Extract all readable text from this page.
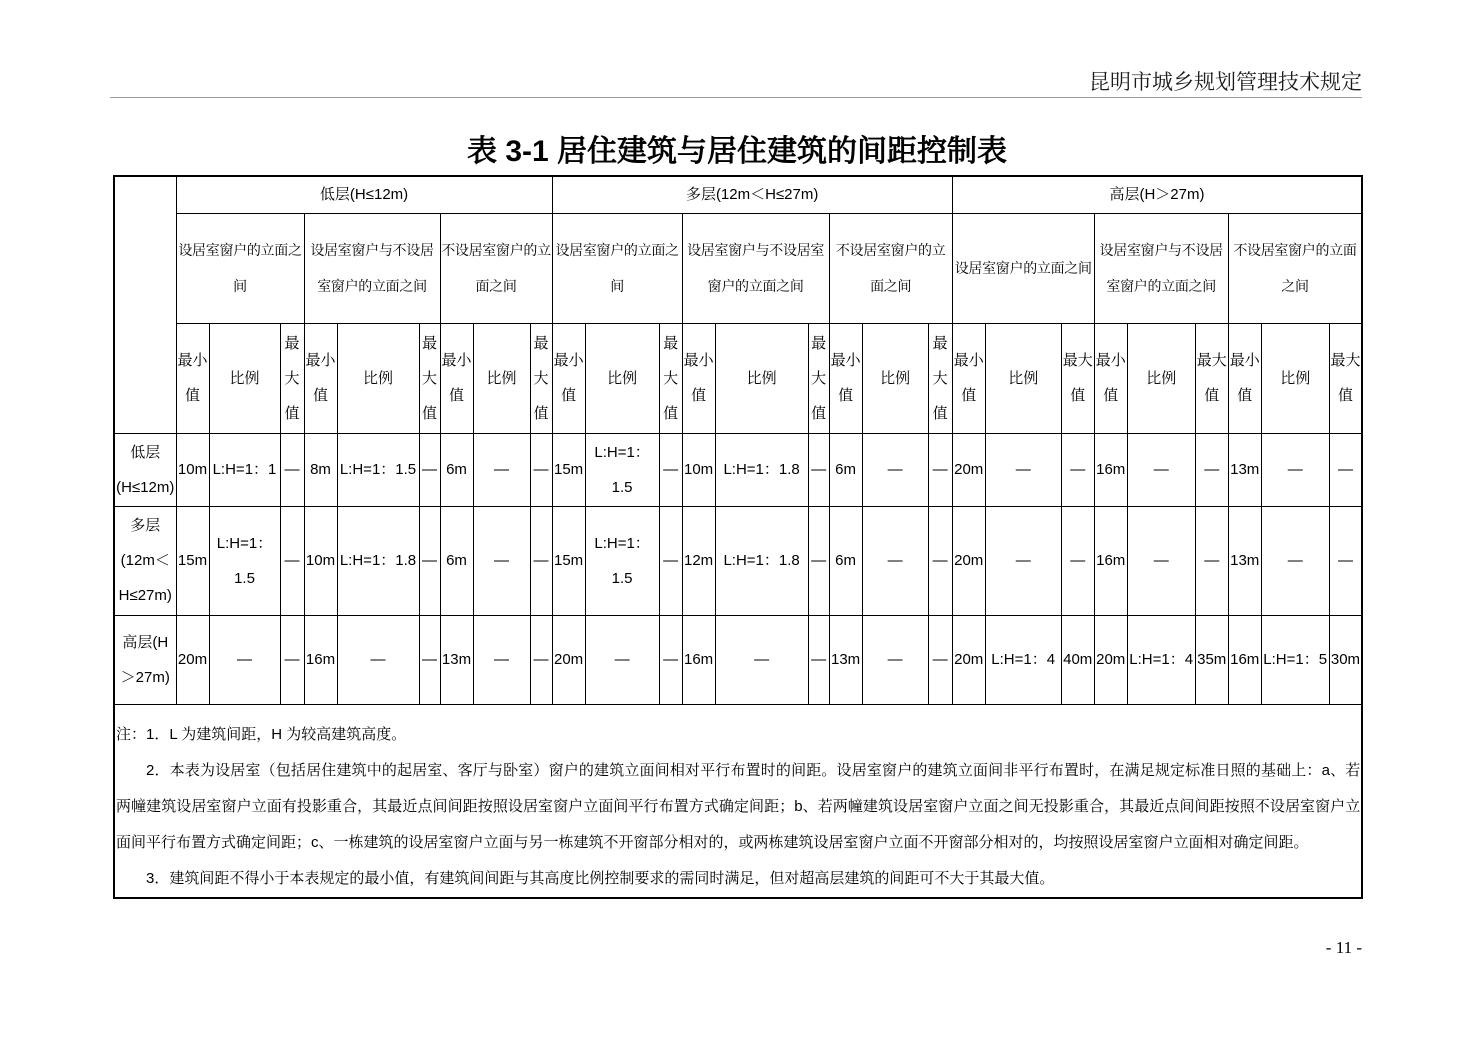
昆明市城乡规划管理技术规定
表 3-1 居住建筑与居住建筑的间距控制表
	低层(H≤12m)									多层(12m＜H≤27m)									高层(H＞27m)								
	设居室窗户的立面之间			设居室窗户与不设居室窗户的立面之间			不设居室窗户的立面之间			设居室窗户的立面之间			设居室窗户与不设居室窗户的立面之间			不设居室窗户的立面之间			设居室窗户的立面之间			设居室窗户与不设居室窗户的立面之间			不设居室窗户的立面之间		
	最小值	比例	最大值	最小值	比例	最大值	最小值	比例	最大值	最小值	比例	最大值	最小值	比例	最大值	最小值	比例	最大值	最小值	比例	最大值	最小值	比例	最大值	最小值	比例	最大值
低层(H≤12m)	10m	L:H=1：1	—	8m	L:H=1：1.5	—	6m	—	—	15m	L:H=1：1.5	—	10m	L:H=1：1.8	—	6m	—	—	20m	—	—	16m	—	—	13m	—	—
多层(12m＜H≤27m)	15m	L:H=1：1.5	—	10m	L:H=1：1.8	—	6m	—	—	15m	L:H=1：1.5	—	12m	L:H=1：1.8	—	6m	—	—	20m	—	—	16m	—	—	13m	—	—
高层(H＞27m)	20m	—	—	16m	—	—	13m	—	—	20m	—	—	16m	—	—	13m	—	—	20m	L:H=1：4	40m	20m	L:H=1：4	35m	16m	L:H=1：5	30m

注：1．L 为建筑间距，H 为较高建筑高度。

2．本表为设居室（包括居住建筑中的起居室、客厅与卧室）窗户的建筑立面间相对平行布置时的间距。设居室窗户的建筑立面间非平行布置时，在满足规定标准日照的基础上：a、若两幢建筑设居室窗户立面有投影重合，其最近点间间距按照设居室窗户立面间平行布置方式确定间距；b、若两幢建筑设居室窗户立面之间无投影重合，其最近点间间距按照不设居室窗户立面间平行布置方式确定间距；c、一栋建筑的设居室窗户立面与另一栋建筑不开窗部分相对的，或两栋建筑设居室窗户立面不开窗部分相对的，均按照设居室窗户立面相对确定间距。

3．建筑间距不得小于本表规定的最小值，有建筑间间距与其高度比例控制要求的需同时满足，但对超高层建筑的间距可不大于其最大值。																											

- 11 -
